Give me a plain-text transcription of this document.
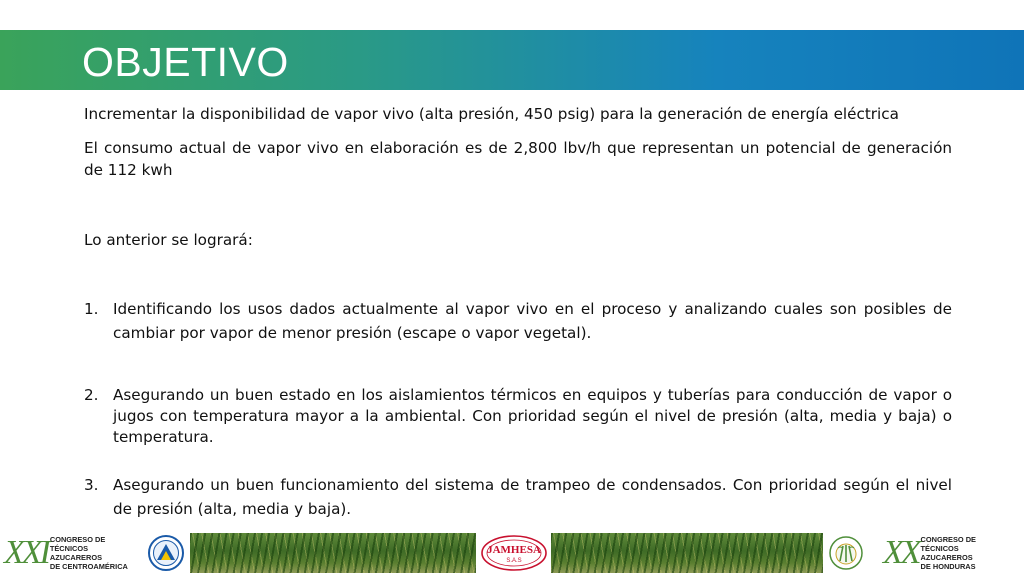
OBJETIVO

Incrementar la disponibilidad de vapor vivo (alta presión, 450 psig) para la generación de energía eléctrica

El consumo actual de vapor vivo en elaboración es de 2,800 lbv/h que representan un potencial de generación de 112 kwh

Lo anterior se logrará:

1. Identificando los usos dados actualmente al vapor vivo en el proceso y analizando cuales son posibles de cambiar por vapor de menor presión (escape o vapor vegetal).
2. Asegurando un buen estado en los aislamientos térmicos en equipos y tuberías para conducción de vapor o jugos con temperatura mayor a la ambiental. Con prioridad según el nivel de presión (alta, media y baja) o temperatura.
3. Asegurando un buen funcionamiento del sistema de trampeo de condensados. Con prioridad según el nivel de presión (alta, media y baja).
XXI CONGRESO DE
TÉCNICOS AZUCAREROS
DE CENTROAMÉRICA
JAMHESA
S.A.S	XX CONGRESO DE
TÉCNICOS AZUCAREROS
DE HONDURAS
